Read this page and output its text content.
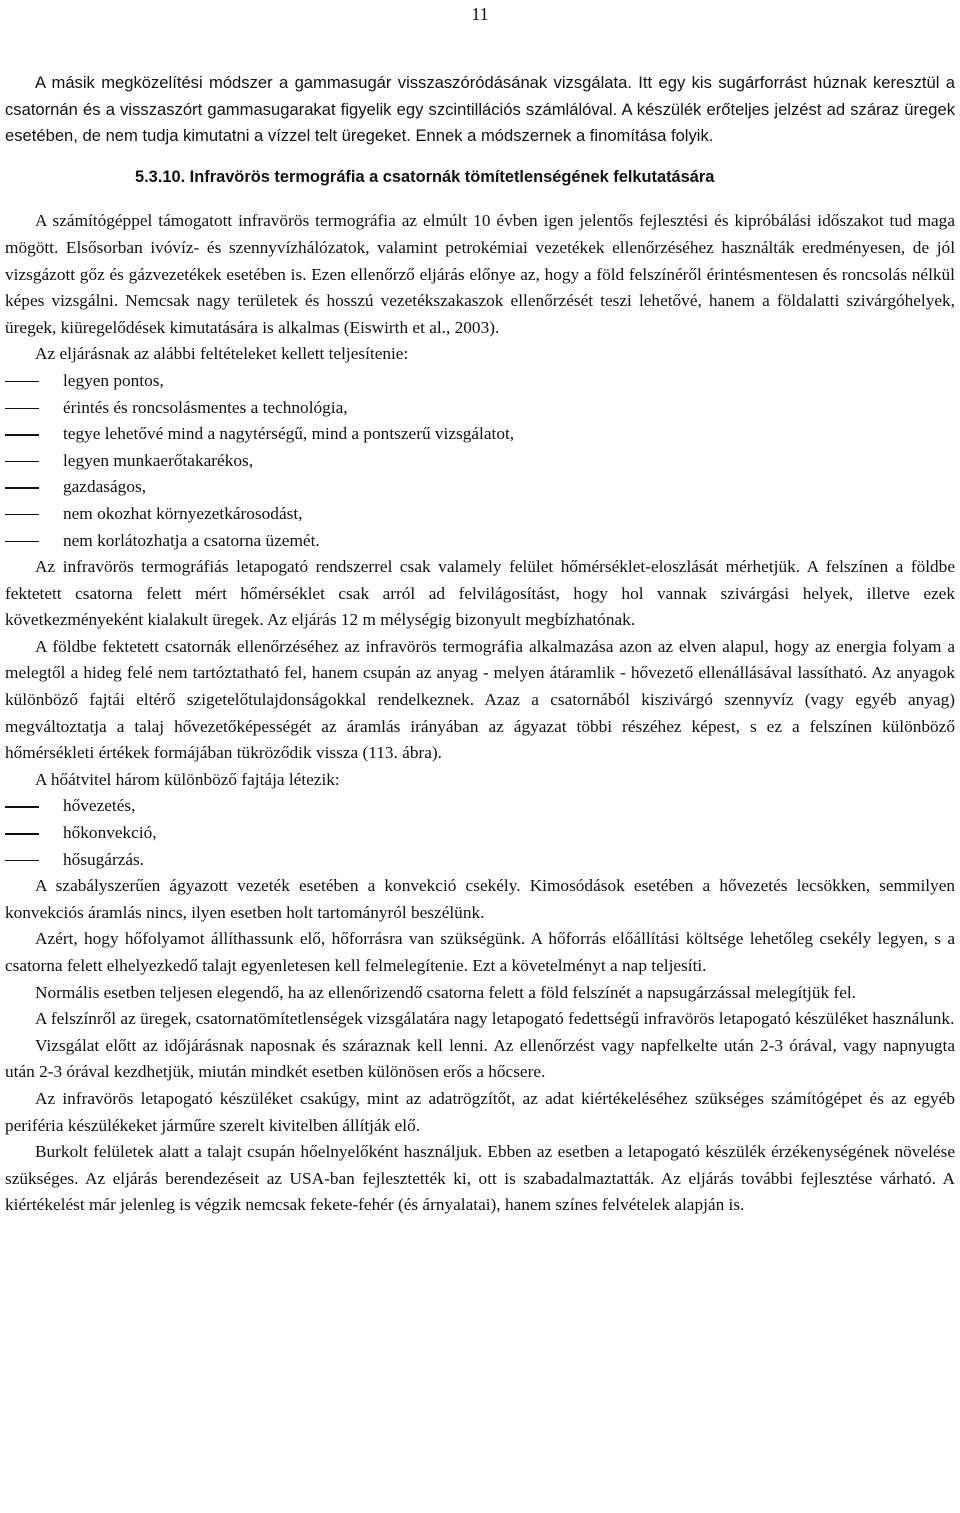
11

A másik megközelítési módszer a gammasugár visszaszóródásának vizsgálata. Itt egy kis sugárforrást húznak keresztül a csatornán és a visszaszórt gammasugarakat figyelik egy szcintillációs számlálóval. A készülék erőteljes jelzést ad száraz üregek esetében, de nem tudja kimutatni a vízzel telt üregeket. Ennek a módszernek a finomítása folyik.

5.3.10. Infravörös termográfia a csatornák tömítetlenségének felkutatására

A számítógéppel támogatott infravörös termográfia az elmúlt 10 évben igen jelentős fejlesztési és kipróbálási időszakot tud maga mögött. Elsősorban ivóvíz- és szennyvízhálózatok, valamint petrokémiai vezetékek ellenőrzéséhez használták eredményesen, de jól vizsgázott gőz és gázvezetékek esetében is. Ezen ellenőrző eljárás előnye az, hogy a föld felszínéről érintésmentesen és roncsolás nélkül képes vizsgálni. Nemcsak nagy területek és hosszú vezetékszakaszok ellenőrzését teszi lehetővé, hanem a földalatti szivárgóhelyek, üregek, kiüregelődések kimutatására is alkalmas (Eiswirth et al., 2003).

Az eljárásnak az alábbi feltételeket kellett teljesítenie:

legyen pontos,
érintés és roncsolásmentes a technológia,
tegye lehetővé mind a nagytérségű, mind a pontszerű vizsgálatot,
legyen munkaerőtakarékos,
gazdaságos,
nem okozhat környezetkárosodást,
nem korlátozhatja a csatorna üzemét.

Az infravörös termográfiás letapogató rendszerrel csak valamely felület hőmérséklet-eloszlását mérhetjük. A felszínen a földbe fektetett csatorna felett mért hőmérséklet csak arról ad felvilágosítást, hogy hol vannak szivárgási helyek, illetve ezek következményeként kialakult üregek. Az eljárás 12 m mélységig bizonyult megbízhatónak.

A földbe fektetett csatornák ellenőrzéséhez az infravörös termográfia alkalmazása azon az elven alapul, hogy az energia folyam a melegtől a hideg felé nem tartóztatható fel, hanem csupán az anyag - melyen átáramlik - hővezető ellenállásával lassítható. Az anyagok különböző fajtái eltérő szigetelőtulajdonságokkal rendelkeznek. Azaz a csatornából kiszivárgó szennyvíz (vagy egyéb anyag) megváltoztatja a talaj hővezetőképességét az áramlás irányában az ágyazat többi részéhez képest, s ez a felszínen különböző hőmérsékleti értékek formájában tükröződik vissza (113. ábra).

A hőátvitel három különböző fajtája létezik:

hővezetés,
hőkonvekció,
hősugárzás.

A szabályszerűen ágyazott vezeték esetében a konvekció csekély. Kimosódások esetében a hővezetés lecsökken, semmilyen konvekciós áramlás nincs, ilyen esetben holt tartományról beszélünk.

Azért, hogy hőfolyamot állíthassunk elő, hőforrásra van szükségünk. A hőforrás előállítási költsége lehetőleg csekély legyen, s a csatorna felett elhelyezkedő talajt egyenletesen kell felmelegítenie. Ezt a követelményt a nap teljesíti.

Normális esetben teljesen elegendő, ha az ellenőrizendő csatorna felett a föld felszínét a napsugárzással melegítjük fel.

A felszínről az üregek, csatornatömítetlenségek vizsgálatára nagy letapogató fedettségű infravörös letapogató készüléket használunk.

Vizsgálat előtt az időjárásnak naposnak és száraznak kell lenni. Az ellenőrzést vagy napfelkelte után 2-3 órával, vagy napnyugta után 2-3 órával kezdhetjük, miután mindkét esetben különösen erős a hőcsere.

Az infravörös letapogató készüléket csakúgy, mint az adatrögzítőt, az adat kiértékeléséhez szükséges számítógépet és az egyéb periféria készülékeket járműre szerelt kivitelben állítják elő.

Burkolt felületek alatt a talajt csupán hőelnyelőként használjuk. Ebben az esetben a letapogató készülék érzékenységének növelése szükséges. Az eljárás berendezéseit az USA-ban fejlesztették ki, ott is szabadalmaztatták. Az eljárás további fejlesztése várható. A kiértékelést már jelenleg is végzik nemcsak fekete-fehér (és árnyalatai), hanem színes felvételek alapján is.
